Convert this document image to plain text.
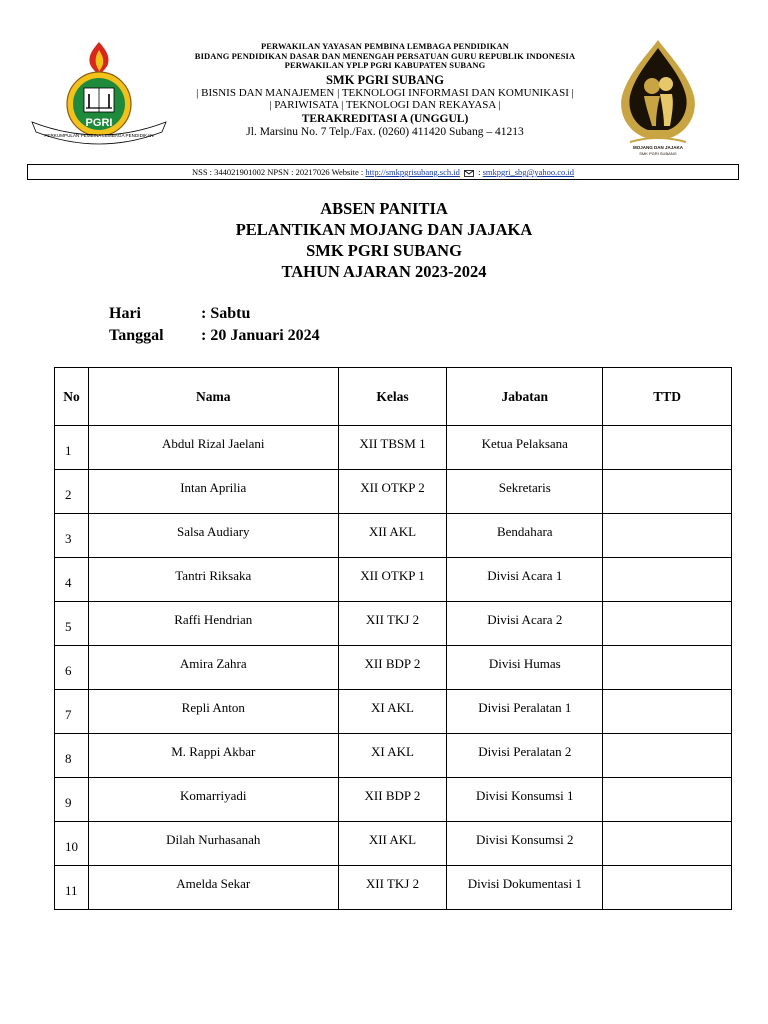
PGRI
PERKUMPULAN PEMBINA LEMBAGA PENDIDIKAN
PERWAKILAN YAYASAN PEMBINA LEMBAGA PENDIDIKAN
BIDANG PENDIDIKAN DASAR DAN MENENGAH PERSATUAN GURU REPUBLIK INDONESIA
PERWAKILAN YPLP PGRI KABUPATEN SUBANG
SMK PGRI SUBANG
| BISNIS DAN MANAJEMEN | TEKNOLOGI INFORMASI DAN KOMUNIKASI |
| PARIWISATA | TEKNOLOGI DAN REKAYASA |
TERAKREDITASI A (UNGGUL)
Jl. Marsinu No. 7 Telp./Fax. (0260) 411420 Subang – 41213
MOJANG DAN JAJAKA
SMK PGRI SUBANG
NSS : 344021901002 NPSN : 20217026 Website : http://smkpgrisubang.sch.id  : smkpgri_sbg@yahoo.co.id
ABSEN PANITIA
PELANTIKAN MOJANG DAN JAJAKA
SMK PGRI SUBANG
TAHUN AJARAN 2023-2024
Hari	: Sabtu
Tanggal	: 20 Januari 2024
No	Nama	Kelas	Jabatan	TTD
1	Abdul Rizal Jaelani	XII TBSM 1	Ketua Pelaksana	
2	Intan Aprilia	XII OTKP 2	Sekretaris	
3	Salsa Audiary	XII AKL	Bendahara	
4	Tantri Riksaka	XII OTKP 1	Divisi Acara 1	
5	Raffi Hendrian	XII TKJ 2	Divisi Acara 2	
6	Amira Zahra	XII BDP 2	Divisi Humas	
7	Repli Anton	XI AKL	Divisi Peralatan 1	
8	M. Rappi Akbar	XI AKL	Divisi Peralatan 2	
9	Komarriyadi	XII BDP 2	Divisi Konsumsi 1	
10	Dilah Nurhasanah	XII AKL	Divisi Konsumsi 2	
11	Amelda Sekar	XII TKJ 2	Divisi Dokumentasi 1	
